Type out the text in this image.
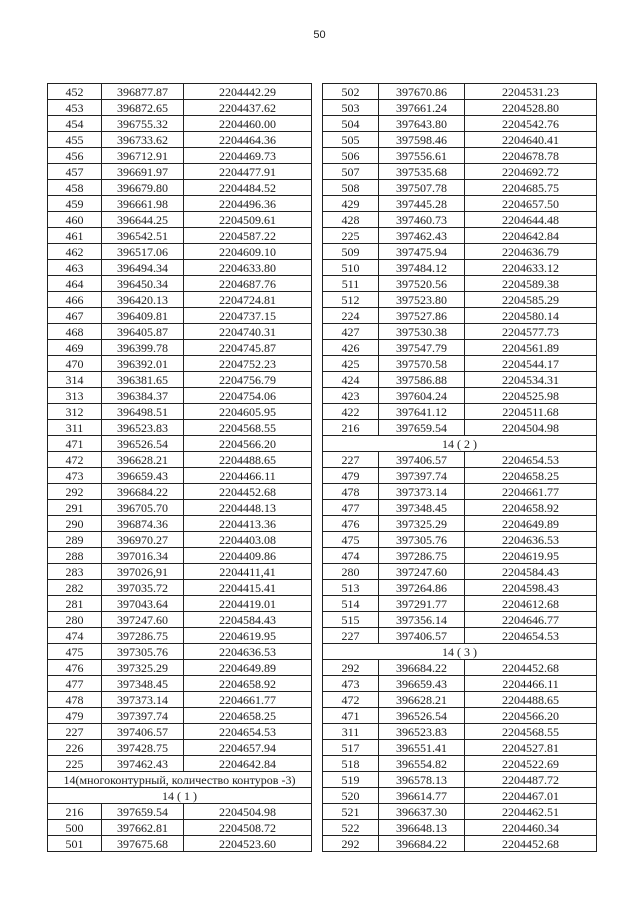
50
452	396877.87	2204442.29
453	396872.65	2204437.62
454	396755.32	2204460.00
455	396733.62	2204464.36
456	396712.91	2204469.73
457	396691.97	2204477.91
458	396679.80	2204484.52
459	396661.98	2204496.36
460	396644.25	2204509.61
461	396542.51	2204587.22
462	396517.06	2204609.10
463	396494.34	2204633.80
464	396450.34	2204687.76
466	396420.13	2204724.81
467	396409.81	2204737.15
468	396405.87	2204740.31
469	396399.78	2204745.87
470	396392.01	2204752.23
314	396381.65	2204756.79
313	396384.37	2204754.06
312	396498.51	2204605.95
311	396523.83	2204568.55
471	396526.54	2204566.20
472	396628.21	2204488.65
473	396659.43	2204466.11
292	396684.22	2204452.68
291	396705.70	2204448.13
290	396874.36	2204413.36
289	396970.27	2204403.08
288	397016.34	2204409.86
283	397026,91	2204411,41
282	397035.72	2204415.41
281	397043.64	2204419.01
280	397247.60	2204584.43
474	397286.75	2204619.95
475	397305.76	2204636.53
476	397325.29	2204649.89
477	397348.45	2204658.92
478	397373.14	2204661.77
479	397397.74	2204658.25
227	397406.57	2204654.53
226	397428.75	2204657.94
225	397462.43	2204642.84
14(многоконтурный, количество контуров -3)		
14 ( 1 )		
216	397659.54	2204504.98
500	397662.81	2204508.72
501	397675.68	2204523.60
502	397670.86	2204531.23
503	397661.24	2204528.80
504	397643.80	2204542.76
505	397598.46	2204640.41
506	397556.61	2204678.78
507	397535.68	2204692.72
508	397507.78	2204685.75
429	397445.28	2204657.50
428	397460.73	2204644.48
225	397462.43	2204642.84
509	397475.94	2204636.79
510	397484.12	2204633.12
511	397520.56	2204589.38
512	397523.80	2204585.29
224	397527.86	2204580.14
427	397530.38	2204577.73
426	397547.79	2204561.89
425	397570.58	2204544.17
424	397586.88	2204534.31
423	397604.24	2204525.98
422	397641.12	2204511.68
216	397659.54	2204504.98
14 ( 2 )		
227	397406.57	2204654.53
479	397397.74	2204658.25
478	397373.14	2204661.77
477	397348.45	2204658.92
476	397325.29	2204649.89
475	397305.76	2204636.53
474	397286.75	2204619.95
280	397247.60	2204584.43
513	397264.86	2204598.43
514	397291.77	2204612.68
515	397356.14	2204646.77
227	397406.57	2204654.53
14 ( 3 )		
292	396684.22	2204452.68
473	396659.43	2204466.11
472	396628.21	2204488.65
471	396526.54	2204566.20
311	396523.83	2204568.55
517	396551.41	2204527.81
518	396554.82	2204522.69
519	396578.13	2204487.72
520	396614.77	2204467.01
521	396637.30	2204462.51
522	396648.13	2204460.34
292	396684.22	2204452.68
